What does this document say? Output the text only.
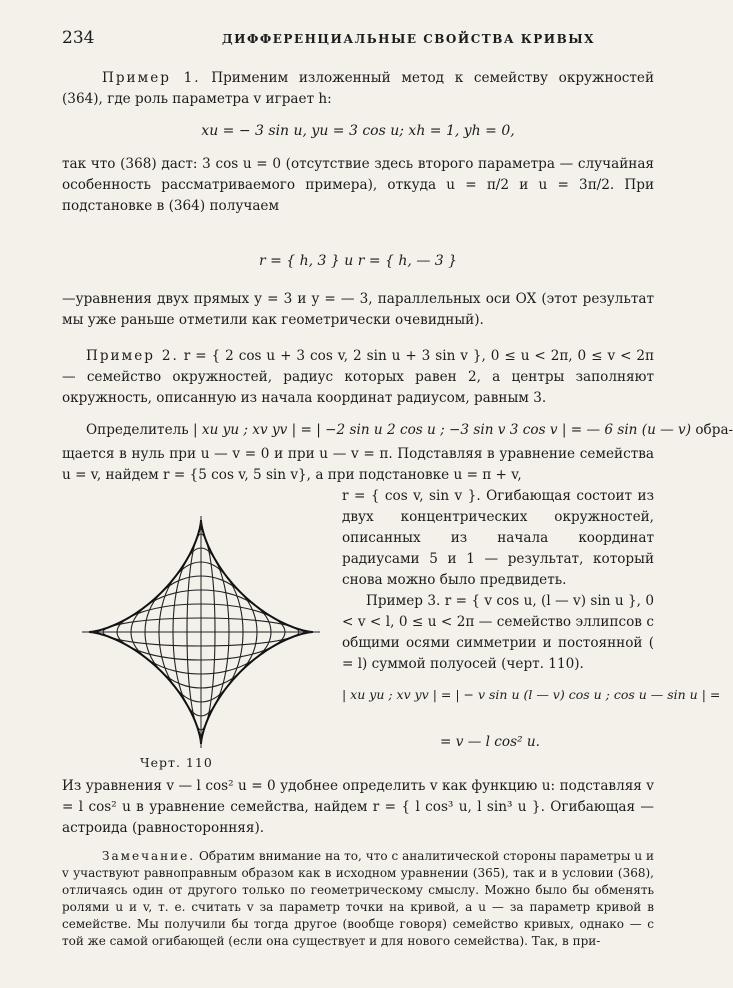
234	ДИФФЕРЕНЦИАЛЬНЫЕ СВОЙСТВА КРИВЫХ
Пример 1. Применим изложенный метод к семейству окружностей (364), где роль параметра v играет h:
xu = − 3 sin u, yu = 3 cos u; xh = 1, yh = 0,
так что (368) даст: 3 cos u = 0 (отсутствие здесь второго параметра — случайная особенность рассматриваемого примера), откуда u = π/2 и u = 3π/2. При подстановке в (364) получаем
r = { h, 3 } и r = { h, — 3 }
—уравнения двух прямых y = 3 и y = — 3, параллельных оси OX (этот результат мы уже раньше отметили как геометрически очевидный).
Пример 2. r = { 2 cos u + 3 cos v, 2 sin u + 3 sin v }, 0 ≤ u < 2π, 0 ≤ v < 2π — семейство окружностей, радиус которых равен 2, а центры заполняют окружность, описанную из начала координат радиусом, равным 3.
Определитель | xu yu ; xv yv | = | −2 sin u 2 cos u ; −3 sin v 3 cos v | = — 6 sin (u — v) обра-
щается в нуль при u — v = 0 и при u — v = π. Подставляя в уравнение семейства u = v, найдем r = {5 cos v, 5 sin v}, а при подстановке u = π + v,
r = { cos v, sin v }. Огибающая состоит из двух концентрических окружностей, описанных из начала координат радиусами 5 и 1 — результат, который снова можно было предвидеть.
Черт. 110
Пример 3. r = { v cos u, (l — v) sin u }, 0 < v < l, 0 ≤ u < 2π — семейство эллипсов с общими осями симметрии и постоянной ( = l) суммой полуосей (черт. 110).
| xu yu ; xv yv | = | − v sin u (l — v) cos u ; cos u — sin u | =
= v — l cos² u.
Из уравнения v — l cos² u = 0 удобнее определить v как функцию u: подставляя v = l cos² u в уравнение семейства, найдем r = { l cos³ u, l sin³ u }. Огибающая — астроида (равносторонняя).
Замечание. Обратим внимание на то, что с аналитической стороны параметры u и v участвуют равноправным образом как в исходном уравнении (365), так и в условии (368), отличаясь один от другого только по геометрическому смыслу. Можно было бы обменять ролями u и v, т. е. считать v за параметр точки на кривой, а u — за параметр кривой в семействе. Мы получили бы тогда другое (вообще говоря) семейство кривых, однако — с той же самой огибающей (если она существует и для нового семейства). Так, в при-
